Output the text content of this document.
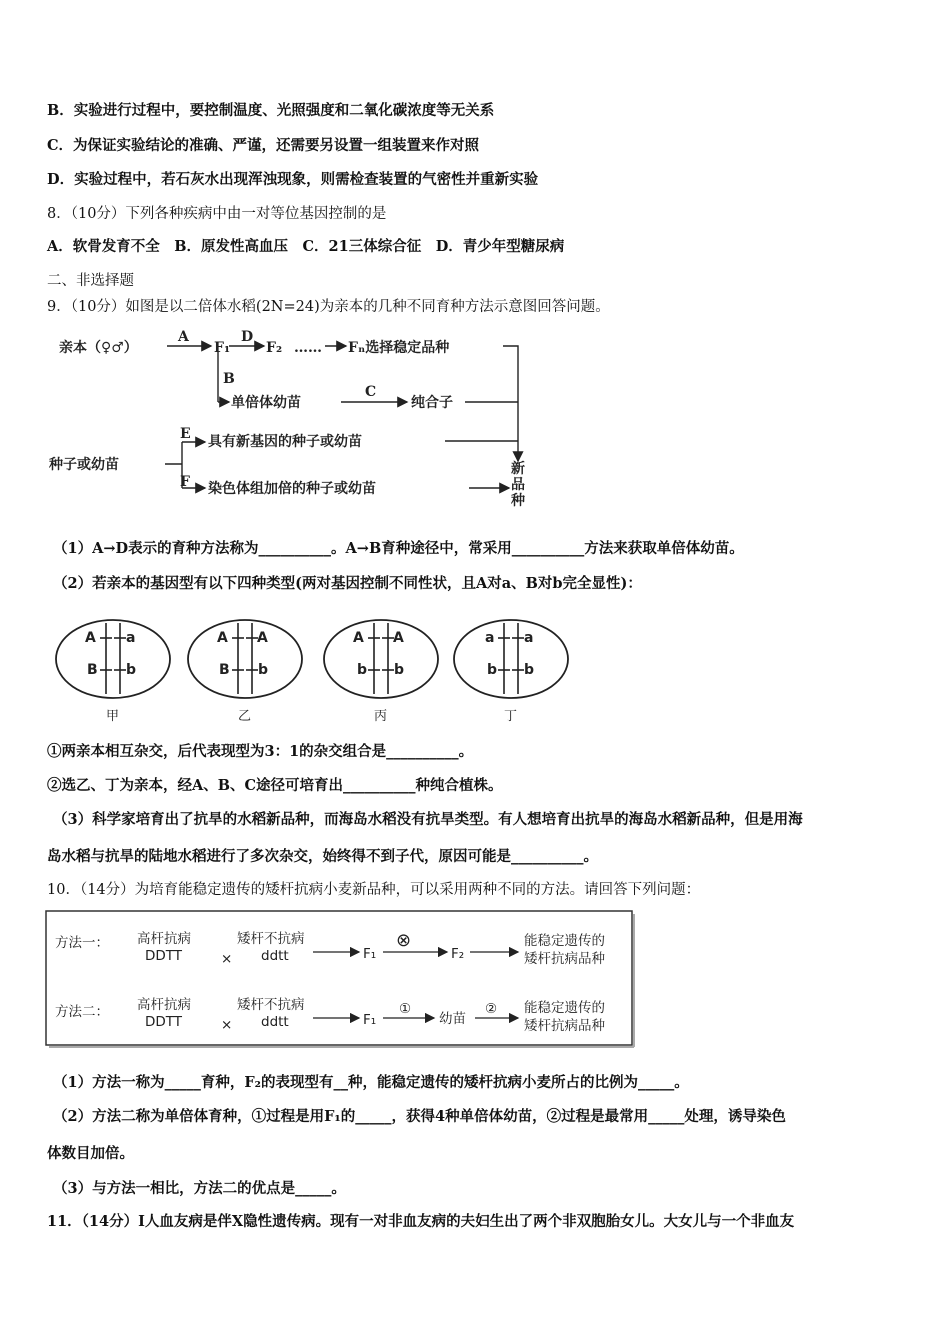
B．实验进行过程中，要控制温度、光照强度和二氧化碳浓度等无关系
C．为保证实验结论的准确、严谨，还需要另设置一组装置来作对照
D．实验过程中，若石灰水出现浑浊现象，则需检查装置的气密性并重新实验
8．（10分）下列各种疾病中由一对等位基因控制的是
A．软骨发育不全　B．原发性高血压　C．21三体综合征　D．青少年型糖尿病
二、非选择题
9．（10分）如图是以二倍体水稻(2N=24)为亲本的几种不同育种方法示意图回答问题。
亲本（♀♂）
A
F₁
D
F₂ …… Fₙ选择稳定品种
B
单倍体幼苗
C
纯合子
E 具有新基因的种子或幼苗
种子或幼苗
F 染色体组加倍的种子或幼苗
新
品
种
（1）A→D表示的育种方法称为__________。A→B育种途径中，常采用__________方法来获取单倍体幼苗。
（2）若亲本的基因型有以下四种类型(两对基因控制不同性状，且A对a、B对b完全显性)：
A a
B b
A A
B b
A A
b b
a a
b b
甲	乙	丙	丁
①两亲本相互杂交，后代表现型为3：1的杂交组合是__________。
②选乙、丁为亲本，经A、B、C途径可培育出__________种纯合植株。
（3）科学家培育出了抗旱的水稻新品种，而海岛水稻没有抗旱类型。有人想培育出抗旱的海岛水稻新品种，但是用海
岛水稻与抗旱的陆地水稻进行了多次杂交，始终得不到子代，原因可能是__________。
10．（14分）为培育能稳定遗传的矮杆抗病小麦新品种，可以采用两种不同的方法。请回答下列问题：
方法一： 高杆抗病
DDTT	×
矮杆不抗病
ddtt	F₁
⊗
F₂
能稳定遗传的
矮杆抗病品种
方法二： 高杆抗病
DDTT	×
矮杆不抗病
ddtt	F₁
①
幼苗
② 能稳定遗传的
矮杆抗病品种
（1）方法一称为_____育种，F₂的表现型有__种，能稳定遗传的矮杆抗病小麦所占的比例为_____。
（2）方法二称为单倍体育种，①过程是用F₁的_____，获得4种单倍体幼苗，②过程是最常用_____处理，诱导染色
体数目加倍。
（3）与方法一相比，方法二的优点是_____。
11．（14分）I人血友病是伴X隐性遗传病。现有一对非血友病的夫妇生出了两个非双胞胎女儿。大女儿与一个非血友
